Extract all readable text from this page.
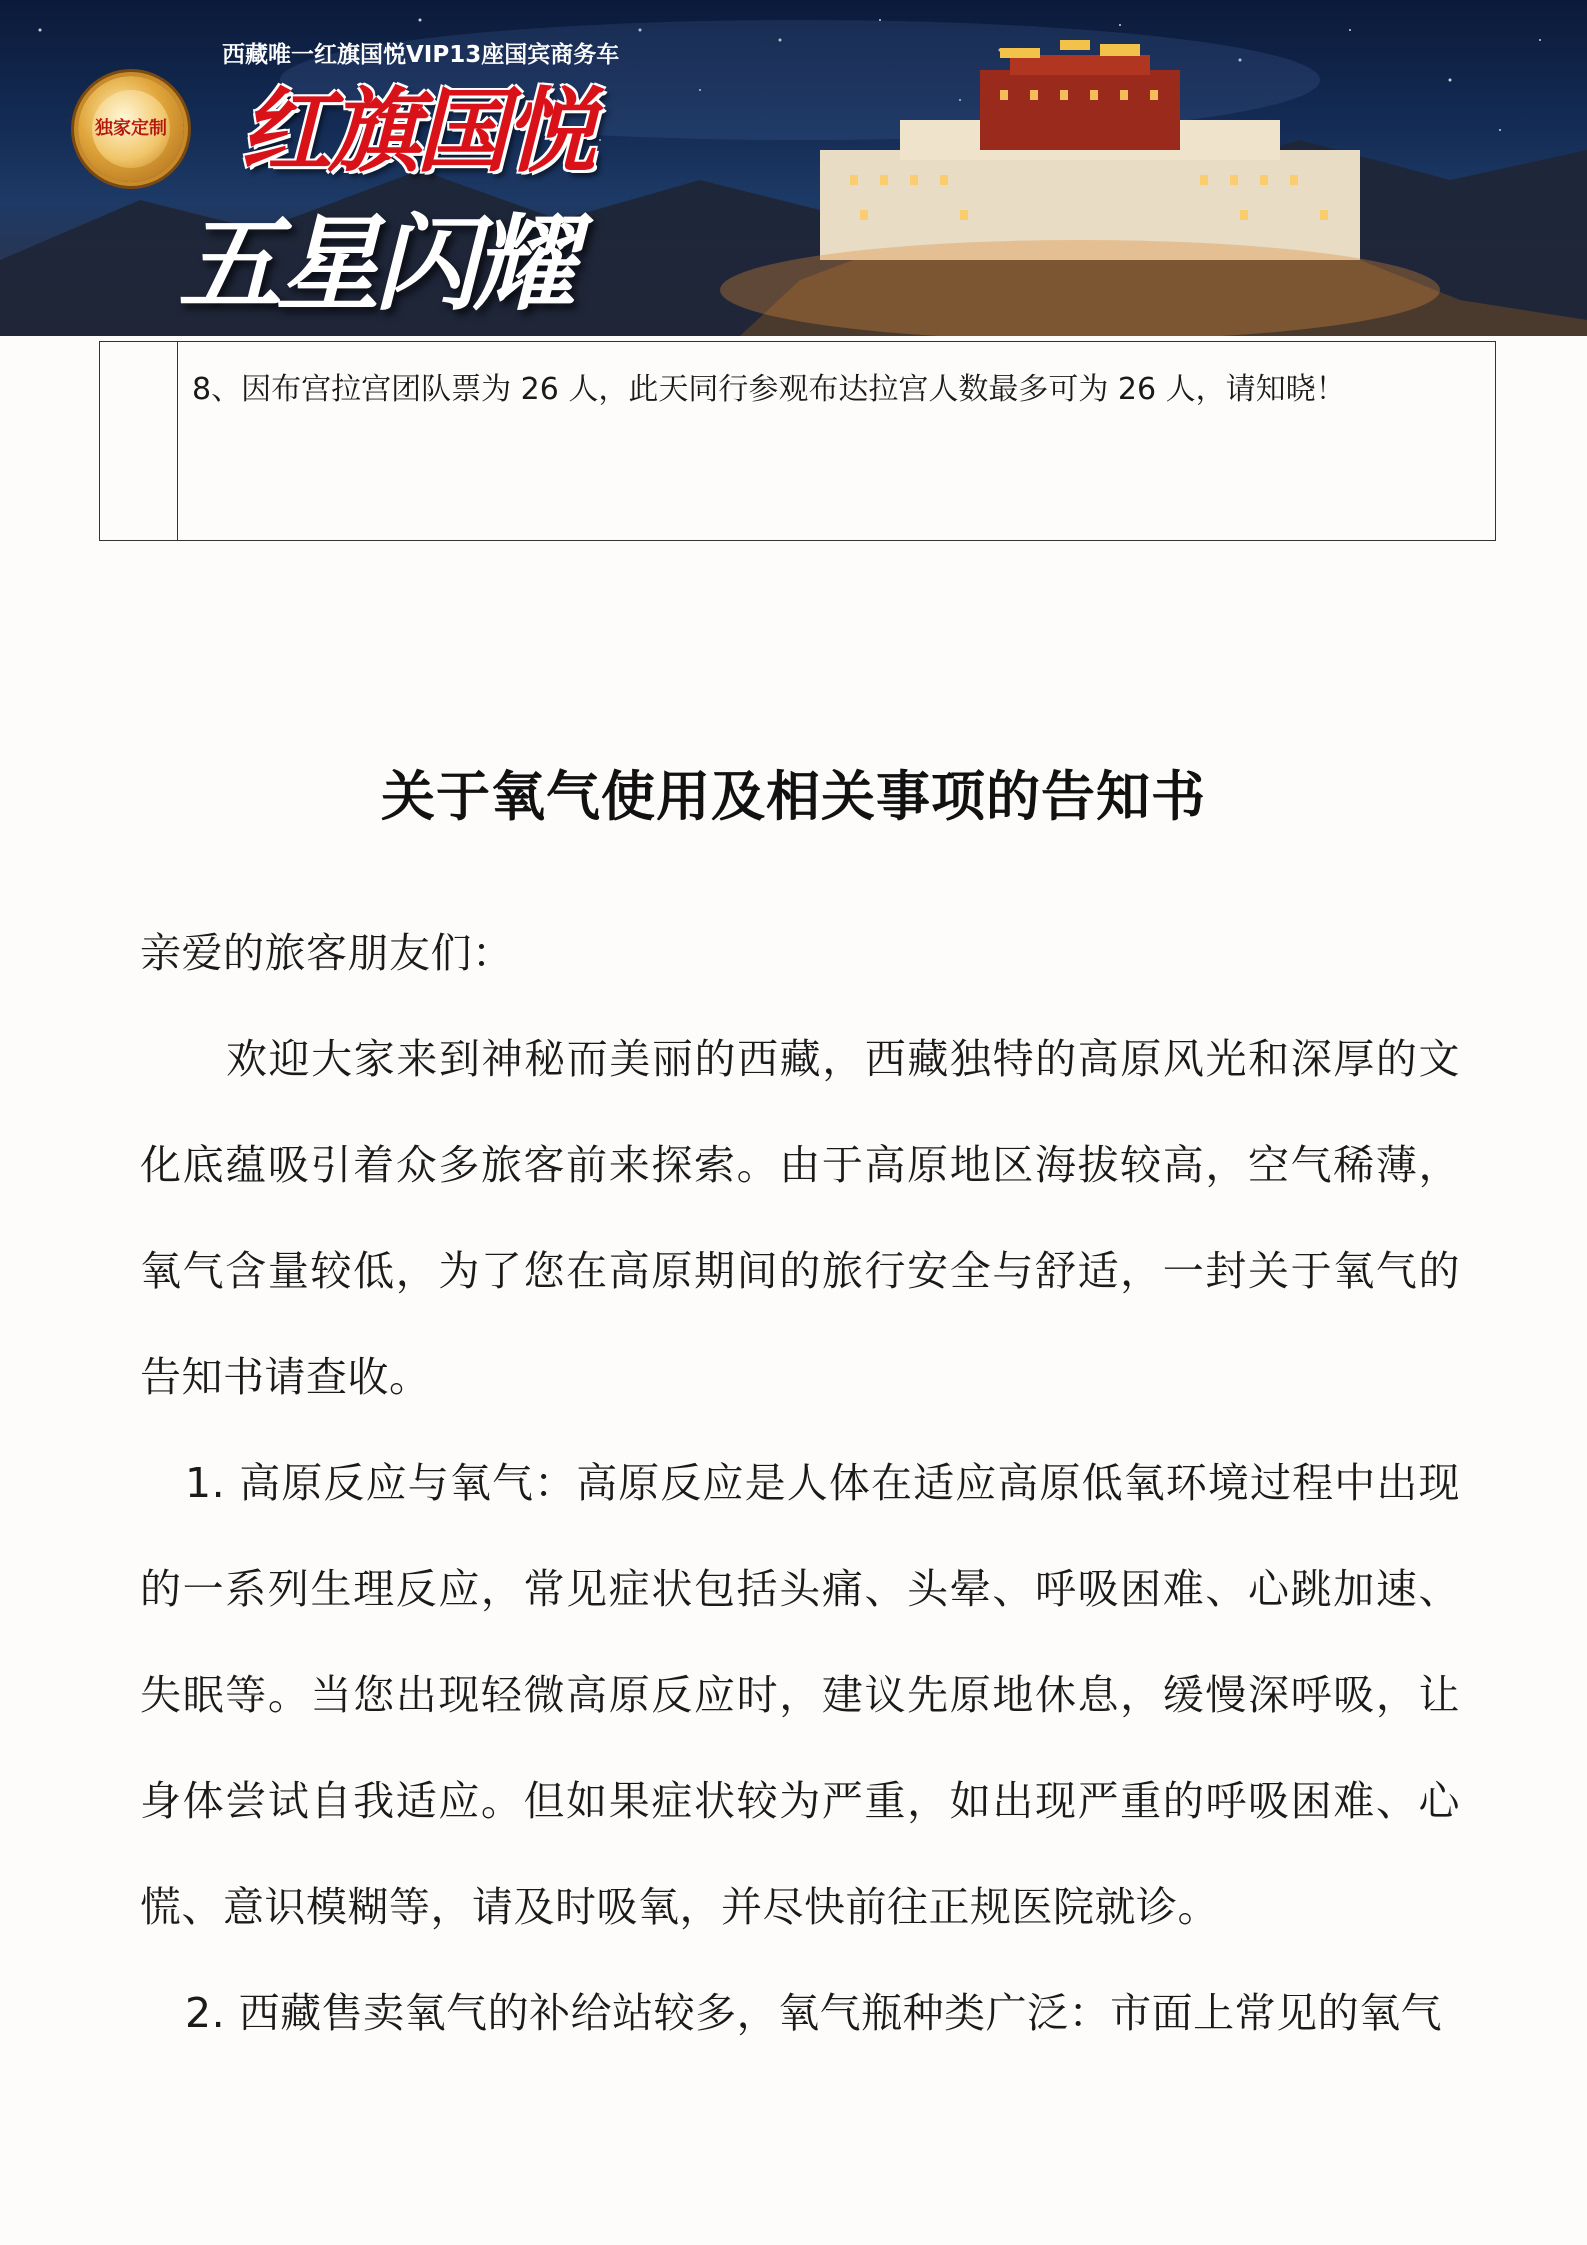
西藏唯一红旗国悦VIP13座国宾商务车
独家定制 红旗国悦
五星闪耀
8、因布宫拉宫团队票为 26 人，此天同行参观布达拉宫人数最多可为 26 人，请知晓！
关于氧气使用及相关事项的告知书
亲爱的旅客朋友们：
欢迎大家来到神秘而美丽的西藏，西藏独特的高原风光和深厚的文化底蕴吸引着众多旅客前来探索。由于高原地区海拔较高，空气稀薄，氧气含量较低，为了您在高原期间的旅行安全与舒适，一封关于氧气的告知书请查收。
1. 高原反应与氧气：高原反应是人体在适应高原低氧环境过程中出现的一系列生理反应，常见症状包括头痛、头晕、呼吸困难、心跳加速、失眠等。当您出现轻微高原反应时，建议先原地休息，缓慢深呼吸，让身体尝试自我适应。但如果症状较为严重，如出现严重的呼吸困难、心慌、意识模糊等，请及时吸氧，并尽快前往正规医院就诊。
2. 西藏售卖氧气的补给站较多，氧气瓶种类广泛：市面上常见的氧气
